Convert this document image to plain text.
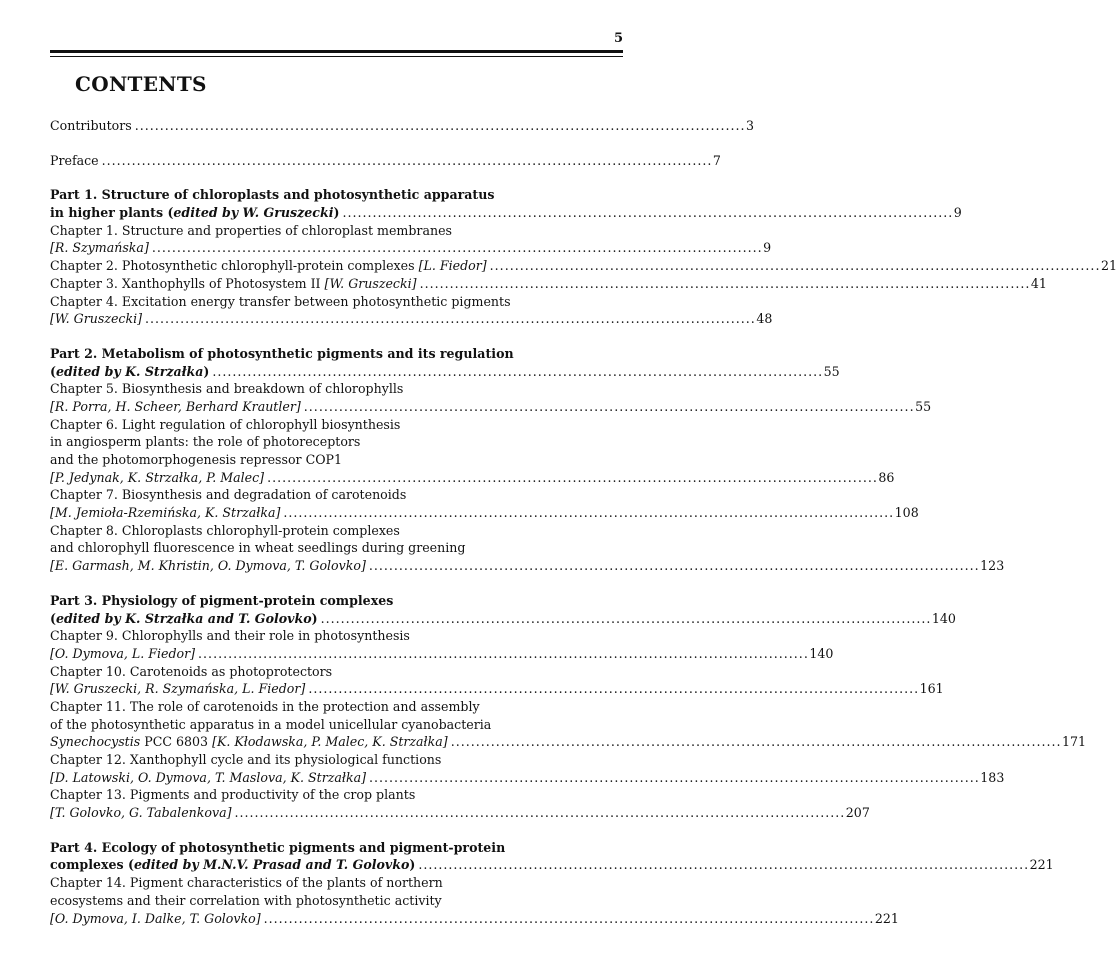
5
CONTENTS
Contributors . . .	3
Preface . . .	7
Part 1. Structure of chloroplasts and photosynthetic apparatus
in higher plants (edited by W. Gruszecki) . . .	9
Chapter 1. Structure and properties of chloroplast membranes
[R. Szymańska] . . .	9
Chapter 2. Photosynthetic chlorophyll-protein complexes [L. Fiedor] . . .	21
Chapter 3. Xanthophylls of Photosystem II [W. Gruszecki] . . .	41
Chapter 4. Excitation energy transfer between photosynthetic pigments
[W. Gruszecki] . . .	48
Part 2. Metabolism of photosynthetic pigments and its regulation
(edited by K. Strzałka) . . .	55
Chapter 5. Biosynthesis and breakdown of chlorophylls
[R. Porra, H. Scheer, Berhard Krautler] . . .	55
Chapter 6. Light regulation of chlorophyll biosynthesis
in angiosperm plants: the role of photoreceptors
and the photomorphogenesis repressor COP1
[P. Jedynak, K. Strzałka, P. Malec] . . .	86
Chapter 7. Biosynthesis and degradation of carotenoids
[M. Jemioła-Rzemińska, K. Strzałka] . . .	108
Chapter 8. Chloroplasts chlorophyll-protein complexes
and chlorophyll fluorescence in wheat seedlings during greening
[E. Garmash, M. Khristin, O. Dymova, T. Golovko] . . .	123
Part 3. Physiology of pigment-protein complexes
(edited by K. Strzałka and T. Golovko) . . .	140
Chapter 9. Chlorophylls and their role in photosynthesis
[O. Dymova, L. Fiedor] . . .	140
Chapter 10. Carotenoids as photoprotectors
[W. Gruszecki, R. Szymańska, L. Fiedor] . . .	161
Chapter 11. The role of carotenoids in the protection and assembly
of the photosynthetic apparatus in a model unicellular cyanobacteria
Synechocystis PCC 6803 [K. Kłodawska, P. Malec, K. Strzałka] . . .	171
Chapter 12. Xanthophyll cycle and its physiological functions
[D. Latowski, O. Dymova, T. Maslova, K. Strzałka] . . .	183
Chapter 13. Pigments and productivity of the crop plants
[T. Golovko, G. Tabalenkova] . . .	207
Part 4. Ecology of photosynthetic pigments and pigment-protein
complexes (edited by M.N.V. Prasad and T. Golovko) . . .	221
Chapter 14. Pigment characteristics of the plants of northern
ecosystems and their correlation with photosynthetic activity
[O. Dymova, I. Dalke, T. Golovko] . . .	221
